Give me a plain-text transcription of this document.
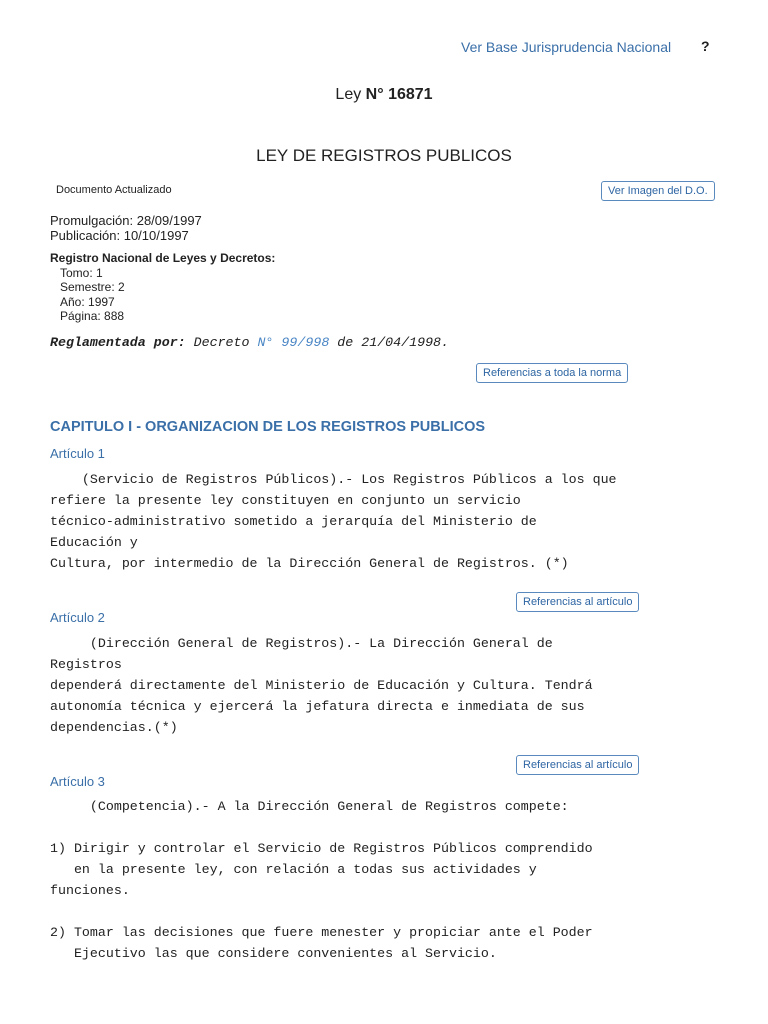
Ver Base Jurisprudencia Nacional ?
Ley N° 16871
LEY DE REGISTROS PUBLICOS
Documento Actualizado	Ver Imagen del D.O.
Promulgación: 28/09/1997
Publicación: 10/10/1997
Registro Nacional de Leyes y Decretos:
Tomo: 1
Semestre: 2
Año: 1997
Página: 888
Reglamentada por: Decreto N° 99/998 de 21/04/1998.
Referencias a toda la norma
CAPITULO I - ORGANIZACION DE LOS REGISTROS PUBLICOS
Artículo 1
(Servicio de Registros Públicos).- Los Registros Públicos a los que
refiere la presente ley constituyen en conjunto un servicio
técnico-administrativo sometido a jerarquía del Ministerio de
Educación y
Cultura, por intermedio de la Dirección General de Registros. (*)
Referencias al artículo
Artículo 2
(Dirección General de Registros).- La Dirección General de
Registros
dependerá directamente del Ministerio de Educación y Cultura. Tendrá
autonomía técnica y ejercerá la jefatura directa e inmediata de sus
dependencias.(*)
Referencias al artículo
Artículo 3
(Competencia).- A la Dirección General de Registros compete:

1) Dirigir y controlar el Servicio de Registros Públicos comprendido
en la presente ley, con relación a todas sus actividades y
funciones.

2) Tomar las decisiones que fuere menester y propiciar ante el Poder
Ejecutivo las que considere convenientes al Servicio.
